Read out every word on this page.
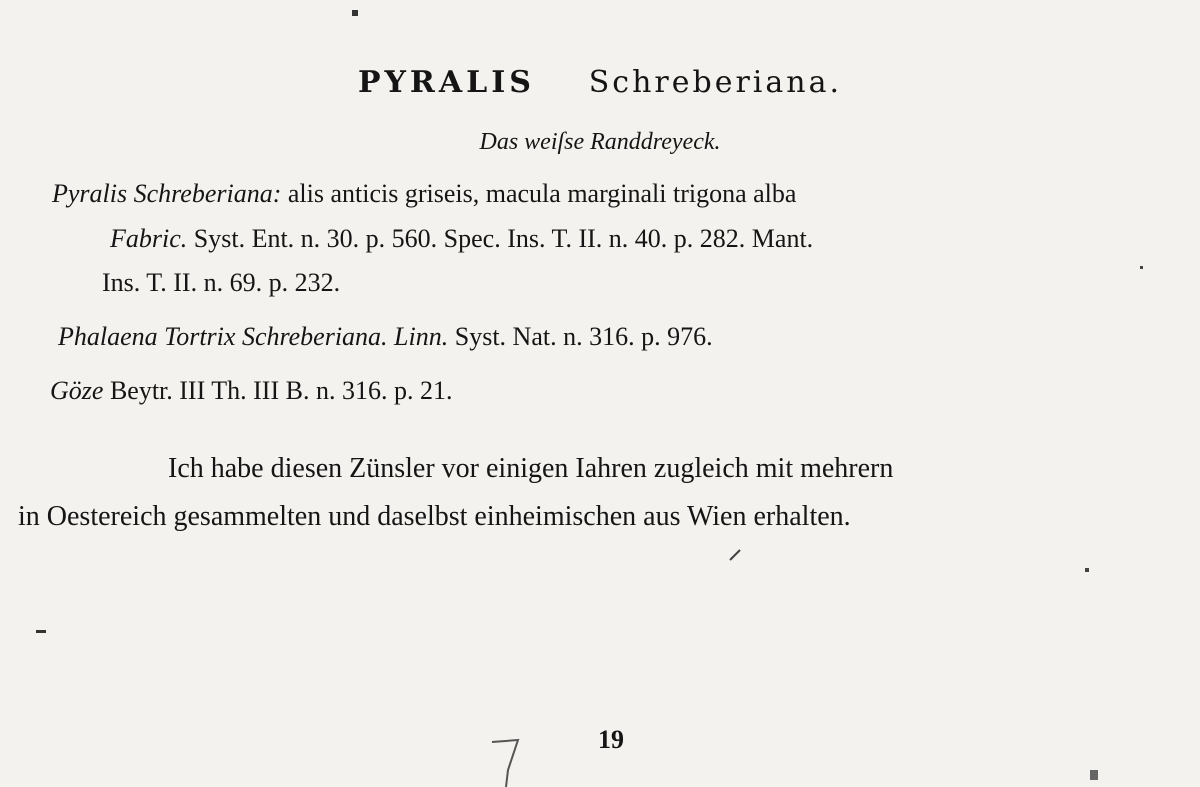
PYRALIS Schreberiana.
Das weiſse Randdreyeck.
Pyralis Schreberiana: alis anticis griseis, macula marginali trigona alba
Fabric. Syst. Ent. n. 30. p. 560. Spec. Ins. T. II. n. 40. p. 282. Mant.
Ins. T. II. n. 69. p. 232.
Phalaena Tortrix Schreberiana. Linn. Syst. Nat. n. 316. p. 976.
Göze Beytr. III Th. III B. n. 316. p. 21.
Ich habe diesen Zünsler vor einigen Iahren zugleich mit mehrern
in Oestereich gesammelten und daselbst einheimischen aus Wien erhalten.
19
